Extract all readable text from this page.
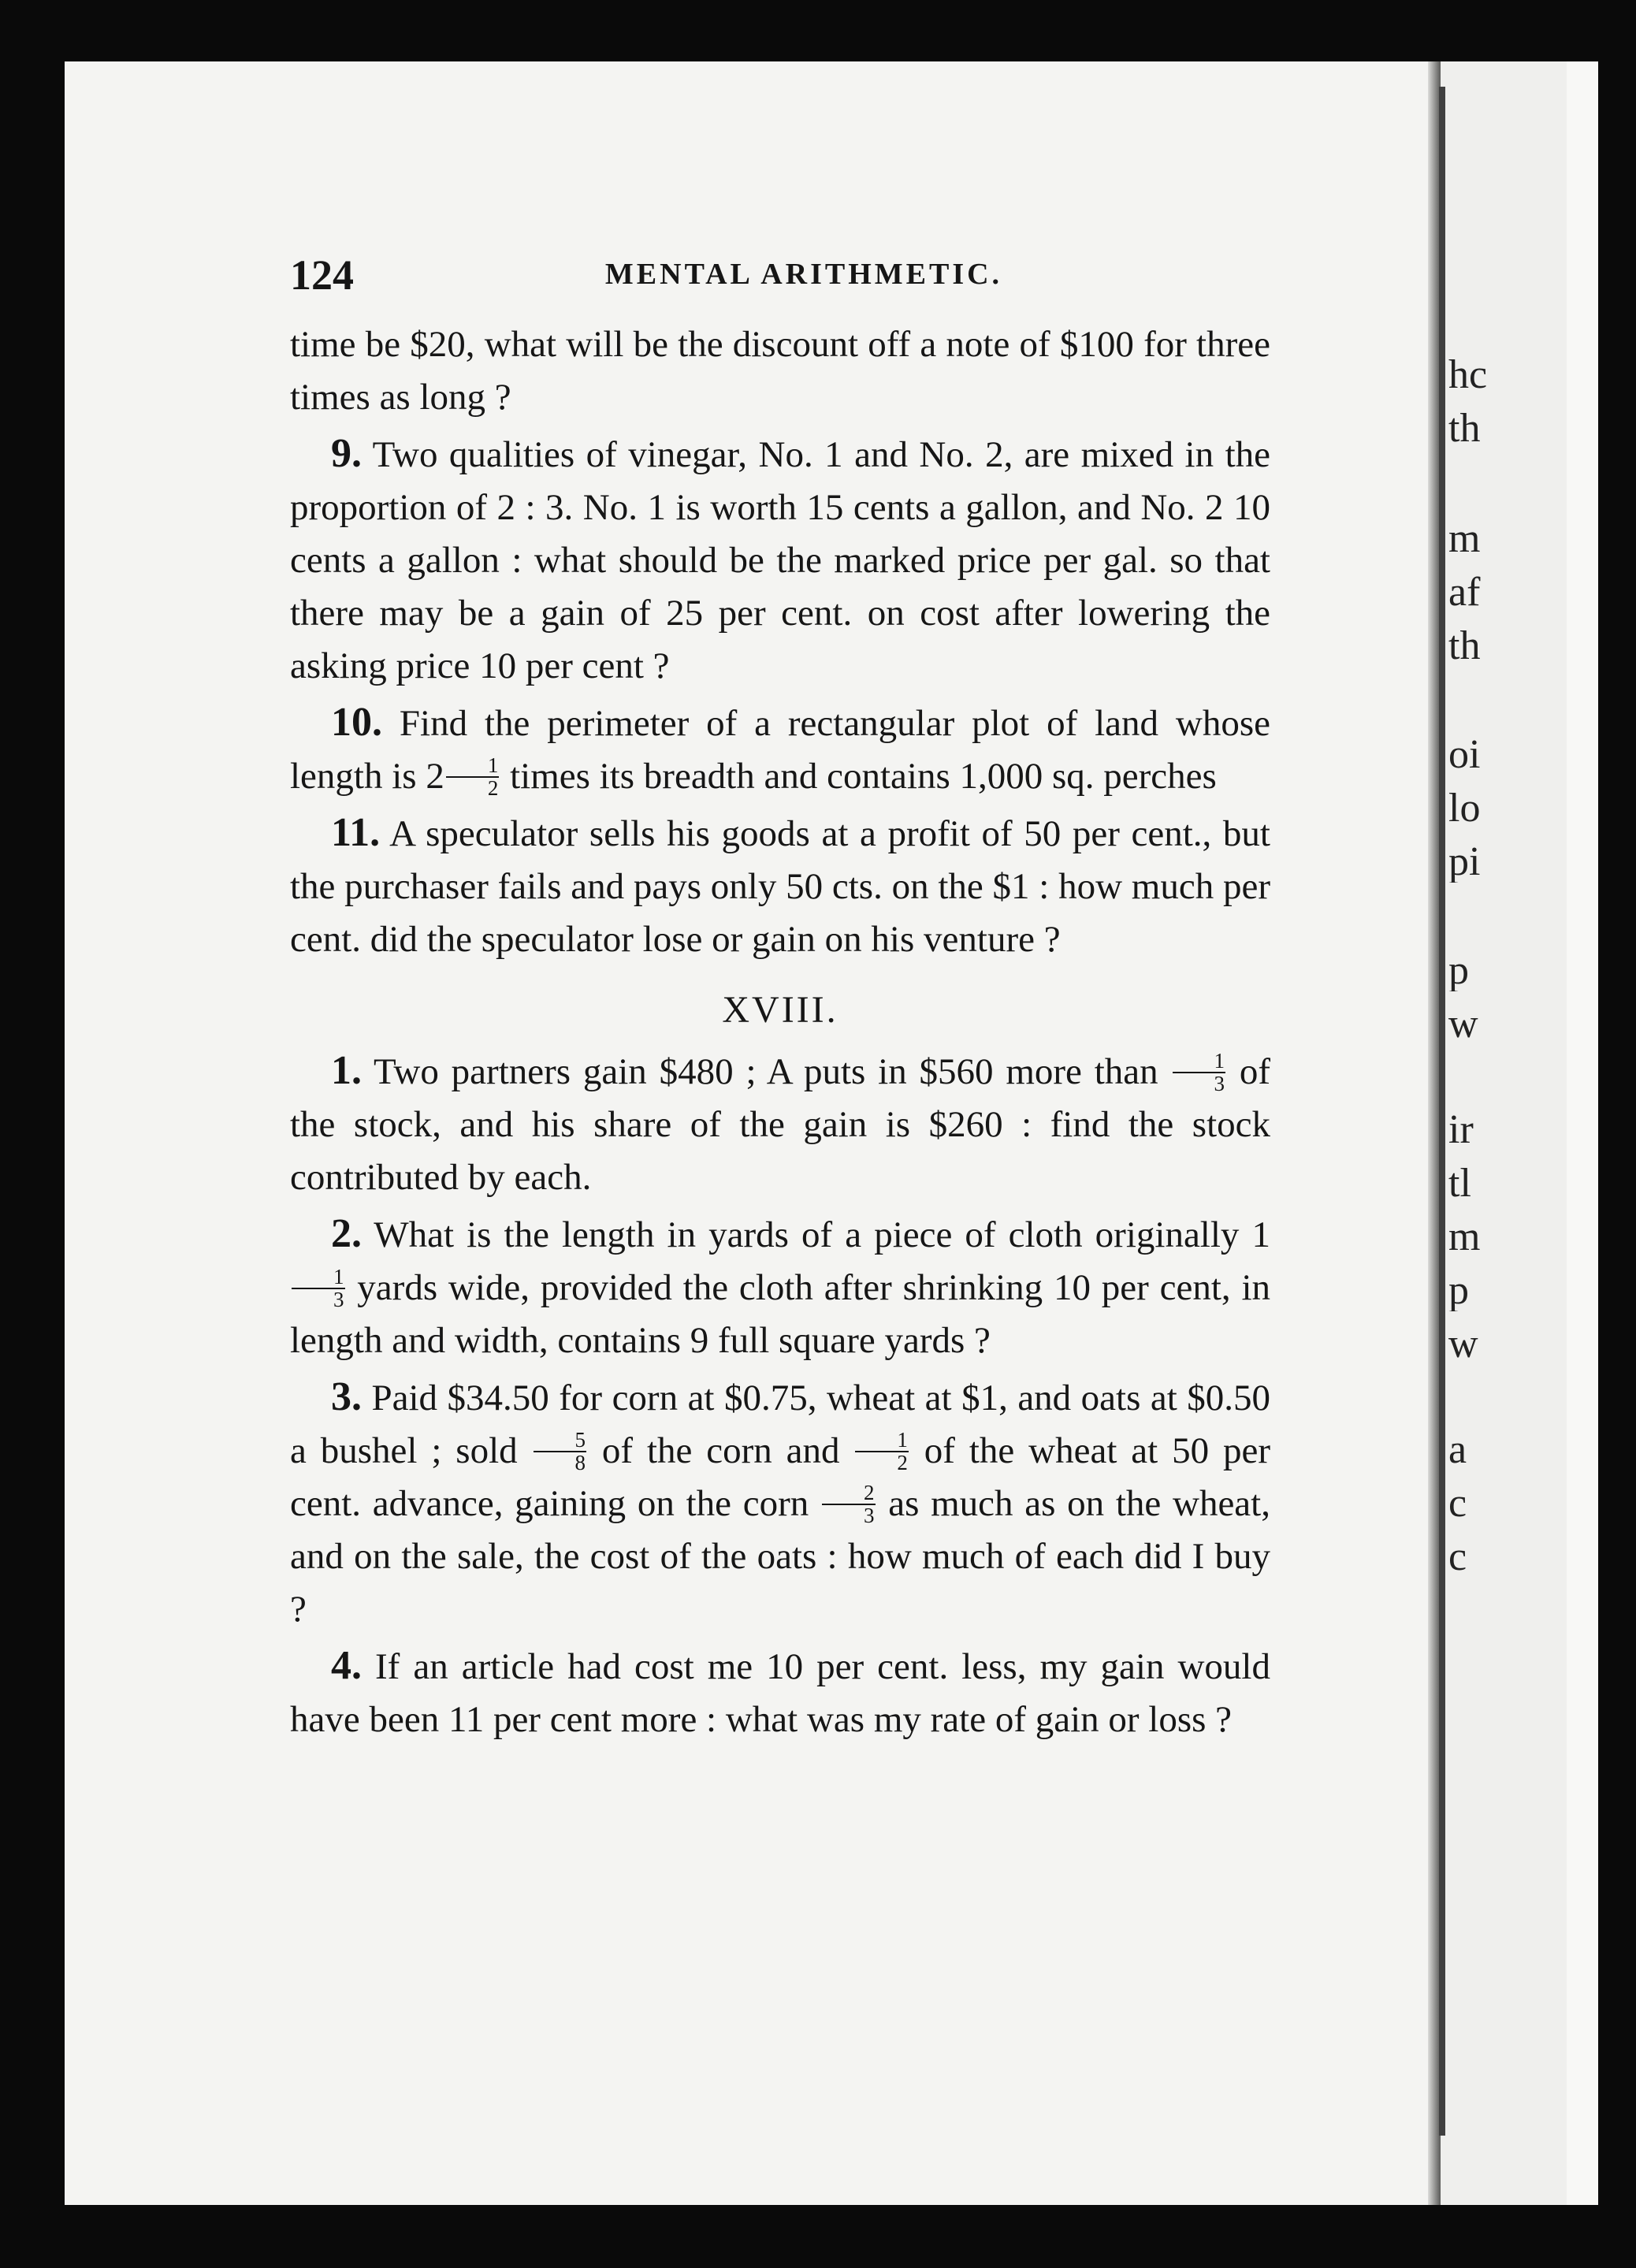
hc
th
m
af
th
oi
lo
pi
p
w
ir
tl
m
p
w
a
c
c
124	MENTAL ARITHMETIC.

time be $20, what will be the discount off a note of $100 for three times as long ?

9. Two qualities of vinegar, No. 1 and No. 2, are mixed in the proportion of 2 : 3. No. 1 is worth 15 cents a gallon, and No. 2 10 cents a gallon : what should be the marked price per gal. so that there may be a gain of 25 per cent. on cost after lowering the asking price 10 per cent ?

10. Find the perimeter of a rectangular plot of land whose length is $2 \frac{1}{2}$ times its breadth and contains 1,000 sq. perches

11. A speculator sells his goods at a profit of 50 per cent., but the purchaser fails and pays only 50 cts. on the $1 : how much per cent. did the speculator lose or gain on his venture ?

XVIII.

1. Two partners gain $480 ; A puts in $560 more than $\frac{1}{3}$ of the stock, and his share of the gain is $260 : find the stock contributed by each.

2. What is the length in yards of a piece of cloth originally 1
$\frac{1}{3}$ yards wide, provided the cloth after shrinking 10 per cent, in length and width, contains 9 full square yards ?

3. Paid $34.50 for corn at $0.75, wheat at $1, and oats at $0.50 a bushel ; sold $\frac{5}{8}$ of the corn and $\frac{1}{2}$ of the wheat at 50 per cent. advance, gaining on the corn $\frac{2}{3}$ as much as on the wheat, and on the sale, the cost of the oats : how much of each did I buy ?

4. If an article had cost me 10 per cent. less, my gain would have been 11 per cent more : what was my rate of gain or loss ?
